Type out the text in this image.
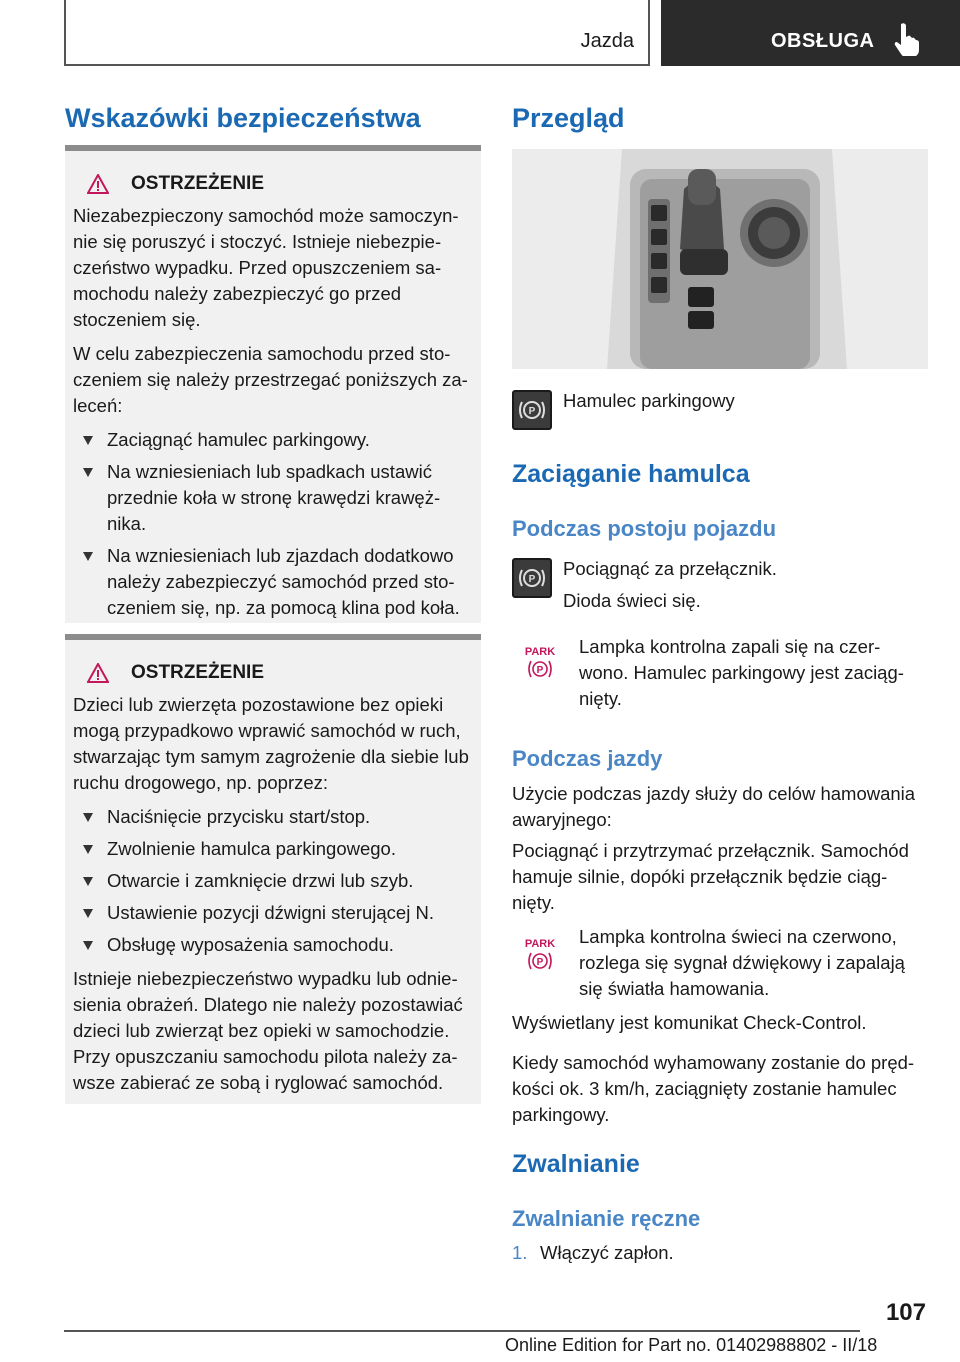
Jazda	OBSŁUGA
Wskazówki bezpieczeństwa
OSTRZEŻENIE

Niezabezpieczony samochód może samoczyn-nie się poruszyć i stoczyć. Istnieje niebezpie-czeństwo wypadku. Przed opuszczeniem sa-mochodu należy zabezpieczyć go przed stoczeniem się.

W celu zabezpieczenia samochodu przed sto-czeniem się należy przestrzegać poniższych za-leceń:

Zaciągnąć hamulec parkingowy.
Na wzniesieniach lub spadkach ustawić przednie koła w stronę krawędzi krawęż-nika.
Na wzniesieniach lub zjazdach dodatkowo należy zabezpieczyć samochód przed sto-czeniem się, np. za pomocą klina pod koła.
OSTRZEŻENIE

Dzieci lub zwierzęta pozostawione bez opieki mogą przypadkowo wprawić samochód w ruch, stwarzając tym samym zagrożenie dla siebie lub ruchu drogowego, np. poprzez:

Naciśnięcie przycisku start/stop.
Zwolnienie hamulca parkingowego.
Otwarcie i zamknięcie drzwi lub szyb.
Ustawienie pozycji dźwigni sterującej N.
Obsługę wyposażenia samochodu.

Istnieje niebezpieczeństwo wypadku lub odnie-sienia obrażeń. Dlatego nie należy pozostawiać dzieci lub zwierząt bez opieki w samochodzie. Przy opuszczaniu samochodu pilota należy za-wsze zabierać ze sobą i ryglować samochód.

Przegląd
P
Hamulec parkingowy
Zaciąganie hamulca
Podczas postoju pojazdu
P
Pociągnąć za przełącznik.
Dioda świeci się.
PARK
P
Lampka kontrolna zapali się na czer-wono. Hamulec parkingowy jest zaciąg-nięty.
Podczas jazdy
Użycie podczas jazdy służy do celów hamowania awaryjnego:
Pociągnąć i przytrzymać przełącznik. Samochód hamuje silnie, dopóki przełącznik będzie ciąg-nięty.
PARK
P
Lampka kontrolna świeci na czerwono, rozlega się sygnał dźwiękowy i zapalają się światła hamowania.
Wyświetlany jest komunikat Check-Control.
Kiedy samochód wyhamowany zostanie do pręd-kości ok. 3 km/h, zaciągnięty zostanie hamulec parkingowy.
Zwalnianie
Zwalnianie ręczne
1. Włączyć zapłon.
107
Online Edition for Part no. 01402988802 - II/18
